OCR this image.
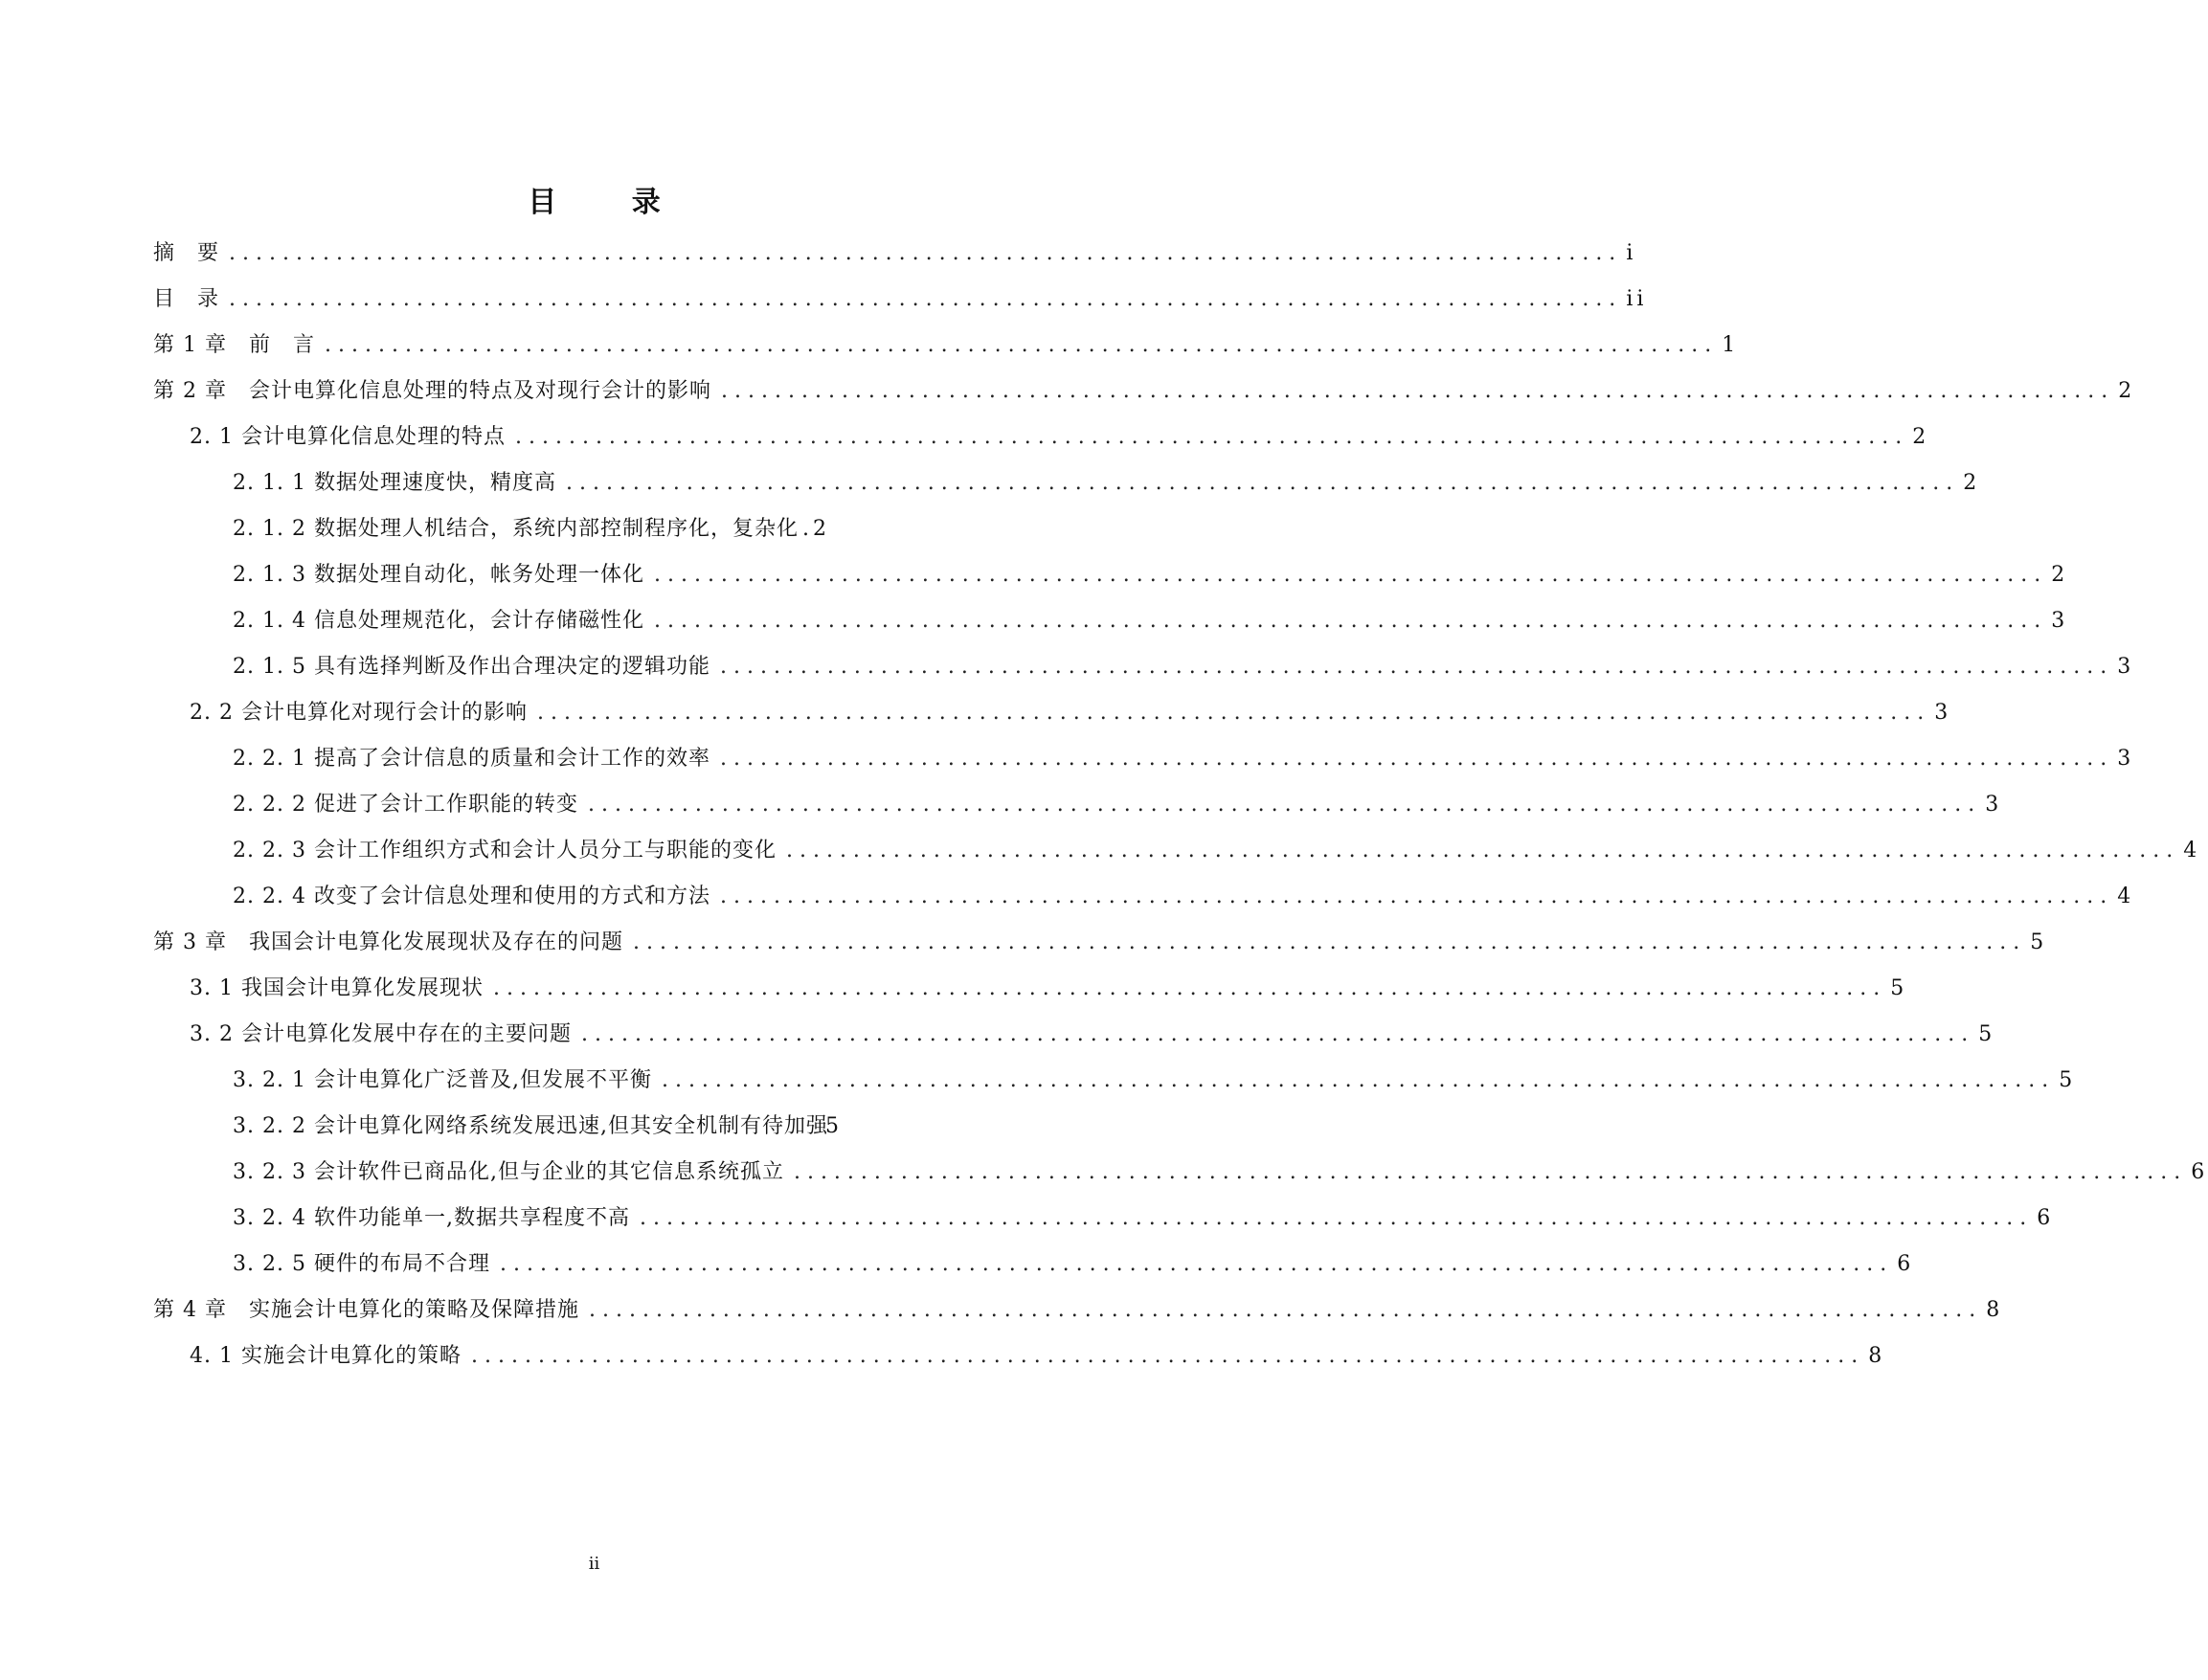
目 录
摘　要 ........................................................................................................ i
目　录 ........................................................................................................ ii
第 1 章　前　言 ........................................................................................................ 1
第 2 章　会计电算化信息处理的特点及对现行会计的影响 ........................................................................................................ 2
2. 1 会计电算化信息处理的特点 ........................................................................................................ 2
2. 1. 1 数据处理速度快，精度高 ........................................................................................................ 2
2. 1. 2 数据处理人机结合，系统内部控制程序化，复杂化 .2
2. 1. 3 数据处理自动化，帐务处理一体化 ........................................................................................................ 2
2. 1. 4 信息处理规范化，会计存储磁性化 ........................................................................................................ 3
2. 1. 5 具有选择判断及作出合理决定的逻辑功能 ........................................................................................................ 3
2. 2 会计电算化对现行会计的影响 ........................................................................................................ 3
2. 2. 1 提高了会计信息的质量和会计工作的效率 ........................................................................................................ 3
2. 2. 2 促进了会计工作职能的转变 ........................................................................................................ 3
2. 2. 3 会计工作组织方式和会计人员分工与职能的变化 ........................................................................................................ 4
2. 2. 4 改变了会计信息处理和使用的方式和方法 ........................................................................................................ 4
第 3 章　我国会计电算化发展现状及存在的问题 ........................................................................................................ 5
3. 1 我国会计电算化发展现状 ........................................................................................................ 5
3. 2 会计电算化发展中存在的主要问题 ........................................................................................................ 5
3. 2. 1 会计电算化广泛普及,但发展不平衡 ........................................................................................................ 5
3. 2. 2 会计电算化网络系统发展迅速,但其安全机制有待加强
5
3. 2. 3 会计软件已商品化,但与企业的其它信息系统孤立 ........................................................................................................ 6
3. 2. 4 软件功能单一,数据共享程度不高 ........................................................................................................ 6
3. 2. 5 硬件的布局不合理 ........................................................................................................ 6
第 4 章　实施会计电算化的策略及保障措施 ........................................................................................................ 8
4. 1 实施会计电算化的策略 ........................................................................................................ 8
ii
